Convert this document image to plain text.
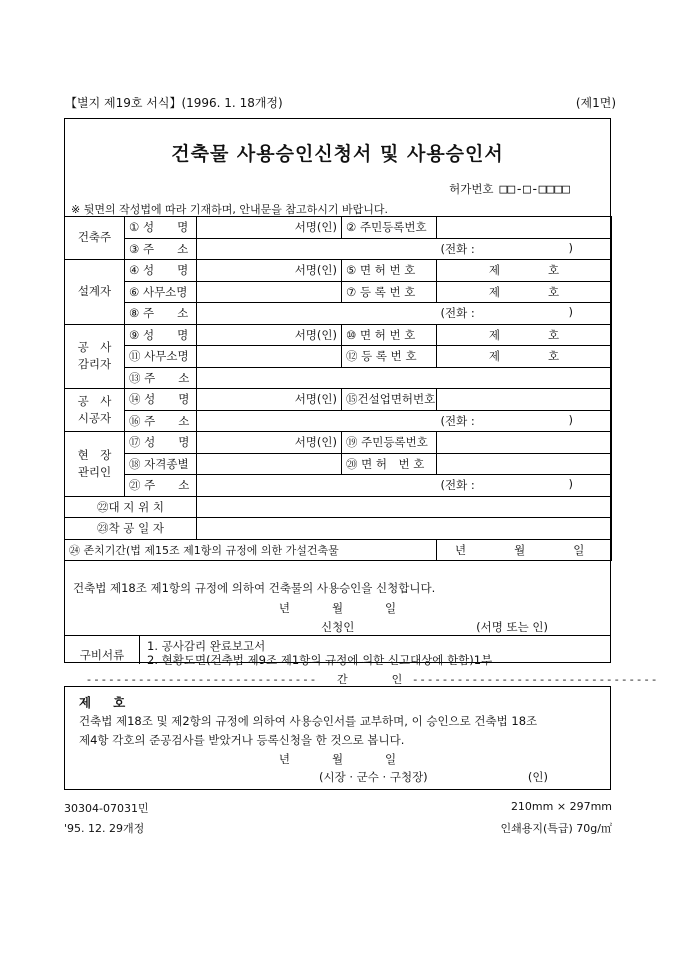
【별지 제19호 서식】(1996. 1. 18개정)	(제1면)
건축물 사용승인신청서 및 사용승인서
허가번호 □□-□-□□□□
※ 뒷면의 작성법에 따라 기재하며, 안내문을 참고하시기 바랍니다.
건축주	① 성　　명	서명(인)	② 주민등록번호	
	③ 주　　소			(전화 : )

설계자	④ 성　　명	서명(인)	⑤ 면 허 번 호	제 호
	⑥ 사무소명		⑦ 등 록 번 호	제 호
	⑧ 주　　소			(전화 : )

공　사
감리자	⑨ 성　　명	서명(인)	⑩ 면 허 번 호	제 호
	⑪ 사무소명		⑫ 등 록 번 호	제 호
	⑬ 주　　소			
공　사
시공자	⑭ 성　　명	서명(인)	⑮건설업면허번호	
	⑯ 주　　소			(전화 : )

현　장
관리인	⑰ 성　　명	서명(인)	⑲ 주민등록번호	
	⑱ 자격종별		⑳ 면 허　번 호	
	㉑ 주　　소			(전화 : )

㉒대 지 위 치				
㉓착 공 일 자				
㉔ 존치기간(법 제15조 제1항의 규정에 의한 가설건축물				년 월 일
건축법 제18조 제1항의 규정에 의하여 건축물의 사용승인을 신청합니다.
년	월	일
신청인	(서명 또는 인)
구비서류
1. 공사감리 완료보고서
2. 현황도면(건축법 제9조 제1항의 규정에 의한 신고대상에 한함)1부
- - - - - - - - - - - - - - - - - - - - - - - - - - - - - - -　　간　　　　인　- - - - - - - - - - - - - - - - - - - - - - - - - - - - - - - - -
제호
건축법 제18조 및 제2항의 규정에 의하여 사용승인서를 교부하며, 이 승인으로 건축법 18조
제4항 각호의 준공검사를 받았거나 등록신청을 한 것으로 봅니다.
년	월	일
(시장 · 군수 · 구청장)	(인)
30304-07031민	210mm × 297mm
'95. 12. 29개정	인쇄용지(특급) 70g/㎡
